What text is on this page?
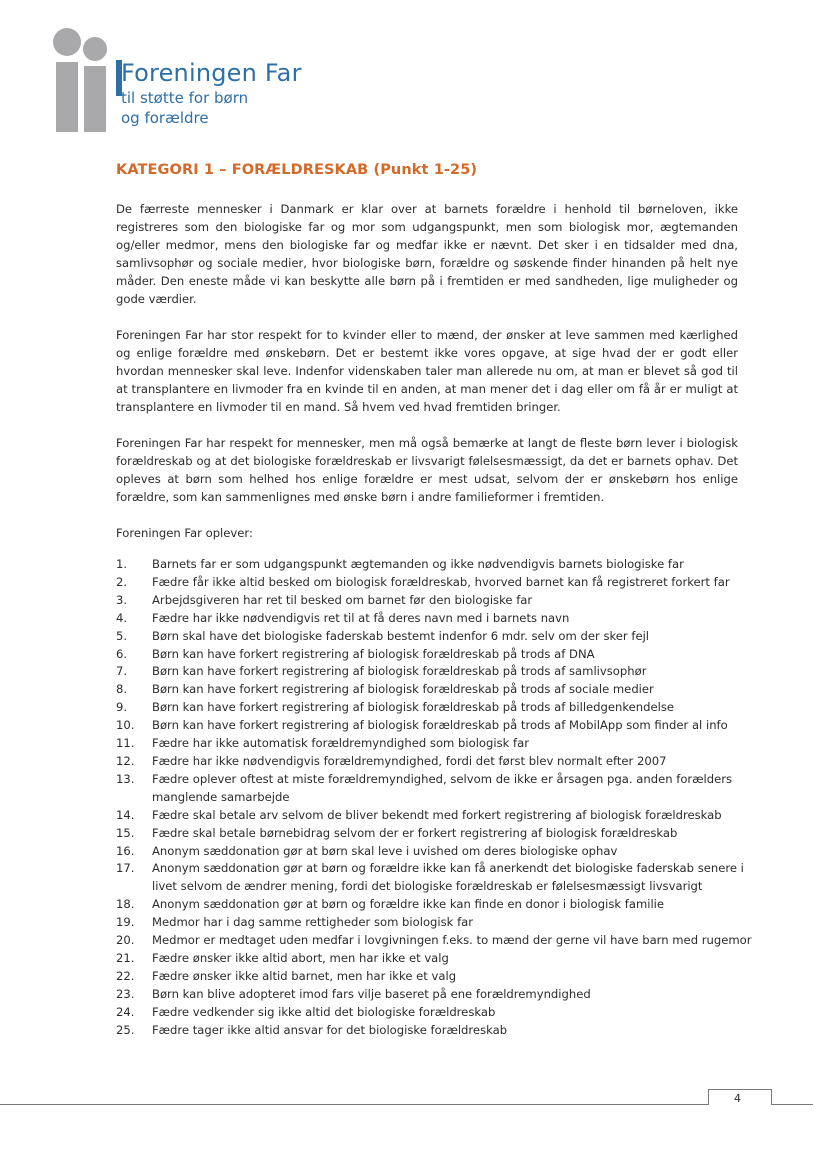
Foreningen Far
til støtte for børn
og forældre
KATEGORI 1 – FORÆLDRESKAB (Punkt 1-25)

De færreste mennesker i Danmark er klar over at barnets forældre i henhold til børneloven, ikke registreres som den biologiske far og mor som udgangspunkt, men som biologisk mor, ægtemanden og/eller medmor, mens den biologiske far og medfar ikke er nævnt. Det sker i en tidsalder med dna, samlivsophør og sociale medier, hvor biologiske børn, forældre og søskende finder hinanden på helt nye måder. Den eneste måde vi kan beskytte alle børn på i fremtiden er med sandheden, lige muligheder og gode værdier.

Foreningen Far har stor respekt for to kvinder eller to mænd, der ønsker at leve sammen med kærlighed og enlige forældre med ønskebørn. Det er bestemt ikke vores opgave, at sige hvad der er godt eller hvordan mennesker skal leve. Indenfor videnskaben taler man allerede nu om, at man er blevet så god til at transplantere en livmoder fra en kvinde til en anden, at man mener det i dag eller om få år er muligt at transplantere en livmoder til en mand. Så hvem ved hvad fremtiden bringer.

Foreningen Far har respekt for mennesker, men må også bemærke at langt de fleste børn lever i biologisk forældreskab og at det biologiske forældreskab er livsvarigt følelsesmæssigt, da det er barnets ophav. Det opleves at børn som helhed hos enlige forældre er mest udsat, selvom der er ønskebørn hos enlige forældre, som kan sammenlignes med ønske børn i andre familieformer i fremtiden.

Foreningen Far oplever:

1.	Barnets far er som udgangspunkt ægtemanden og ikke nødvendigvis barnets biologiske far
2.	Fædre får ikke altid besked om biologisk forældreskab, hvorved barnet kan få registreret forkert far
3.	Arbejdsgiveren har ret til besked om barnet før den biologiske far
4.	Fædre har ikke nødvendigvis ret til at få deres navn med i barnets navn
5.	Børn skal have det biologiske faderskab bestemt indenfor 6 mdr. selv om der sker fejl
6.	Børn kan have forkert registrering af biologisk forældreskab på trods af DNA
7.	Børn kan have forkert registrering af biologisk forældreskab på trods af samlivsophør
8.	Børn kan have forkert registrering af biologisk forældreskab på trods af sociale medier
9.	Børn kan have forkert registrering af biologisk forældreskab på trods af billedgenkendelse
10.	Børn kan have forkert registrering af biologisk forældreskab på trods af MobilApp som finder al info
11.	Fædre har ikke automatisk forældremyndighed som biologisk far
12.	Fædre har ikke nødvendigvis forældremyndighed, fordi det først blev normalt efter 2007
13.	Fædre oplever oftest at miste forældremyndighed, selvom de ikke er årsagen pga. anden forælders manglende samarbejde
14.	Fædre skal betale arv selvom de bliver bekendt med forkert registrering af biologisk forældreskab
15.	Fædre skal betale børnebidrag selvom der er forkert registrering af biologisk forældreskab
16.	Anonym sæddonation gør at børn skal leve i uvished om deres biologiske ophav
17.	Anonym sæddonation gør at børn og forældre ikke kan få anerkendt det biologiske faderskab senere i livet selvom de ændrer mening, fordi det biologiske forældreskab er følelsesmæssigt livsvarigt
18.	Anonym sæddonation gør at børn og forældre ikke kan finde en donor i biologisk familie
19.	Medmor har i dag samme rettigheder som biologisk far
20.	Medmor er medtaget uden medfar i lovgivningen f.eks. to mænd der gerne vil have barn med rugemor
21.	Fædre ønsker ikke altid abort, men har ikke et valg
22.	Fædre ønsker ikke altid barnet, men har ikke et valg
23.	Børn kan blive adopteret imod fars vilje baseret på ene forældremyndighed
24.	Fædre vedkender sig ikke altid det biologiske forældreskab
25.	Fædre tager ikke altid ansvar for det biologiske forældreskab
4
